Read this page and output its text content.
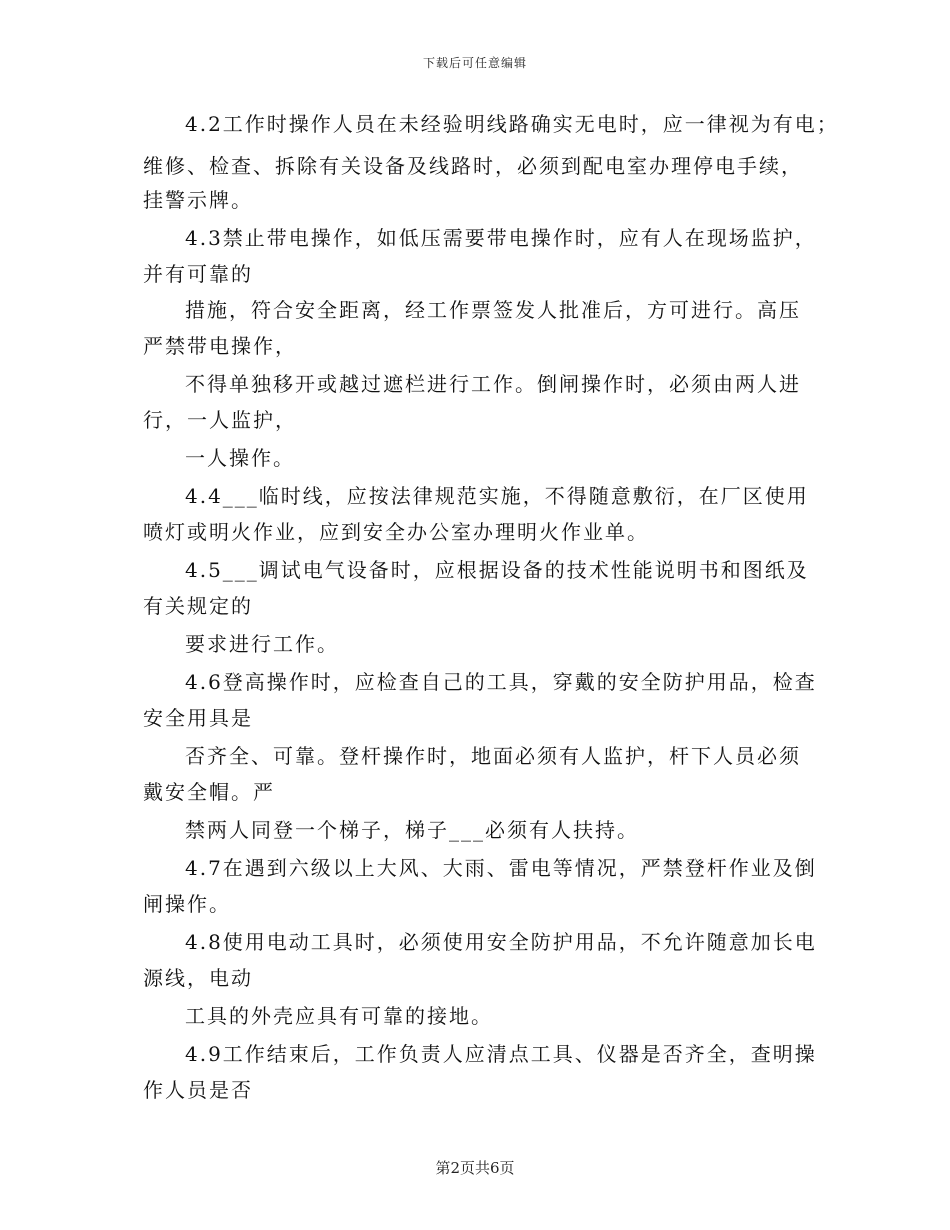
下载后可任意编辑
4.2工作时操作人员在未经验明线路确实无电时，应一律视为有电；
维修、检查、拆除有关设备及线路时，必须到配电室办理停电手续，
挂警示牌。
4.3禁止带电操作，如低压需要带电操作时，应有人在现场监护，
并有可靠的
措施，符合安全距离，经工作票签发人批准后，方可进行。高压
严禁带电操作，
不得单独移开或越过遮栏进行工作。倒闸操作时，必须由两人进
行，一人监护，
一人操作。
4.4___临时线，应按法律规范实施，不得随意敷衍，在厂区使用
喷灯或明火作业，应到安全办公室办理明火作业单。
4.5___调试电气设备时，应根据设备的技术性能说明书和图纸及
有关规定的
要求进行工作。
4.6登高操作时，应检查自己的工具，穿戴的安全防护用品，检查
安全用具是
否齐全、可靠。登杆操作时，地面必须有人监护，杆下人员必须
戴安全帽。严
禁两人同登一个梯子，梯子___必须有人扶持。
4.7在遇到六级以上大风、大雨、雷电等情况，严禁登杆作业及倒
闸操作。
4.8使用电动工具时，必须使用安全防护用品，不允许随意加长电
源线，电动
工具的外壳应具有可靠的接地。
4.9工作结束后，工作负责人应清点工具、仪器是否齐全，查明操
作人员是否
第2页共6页
